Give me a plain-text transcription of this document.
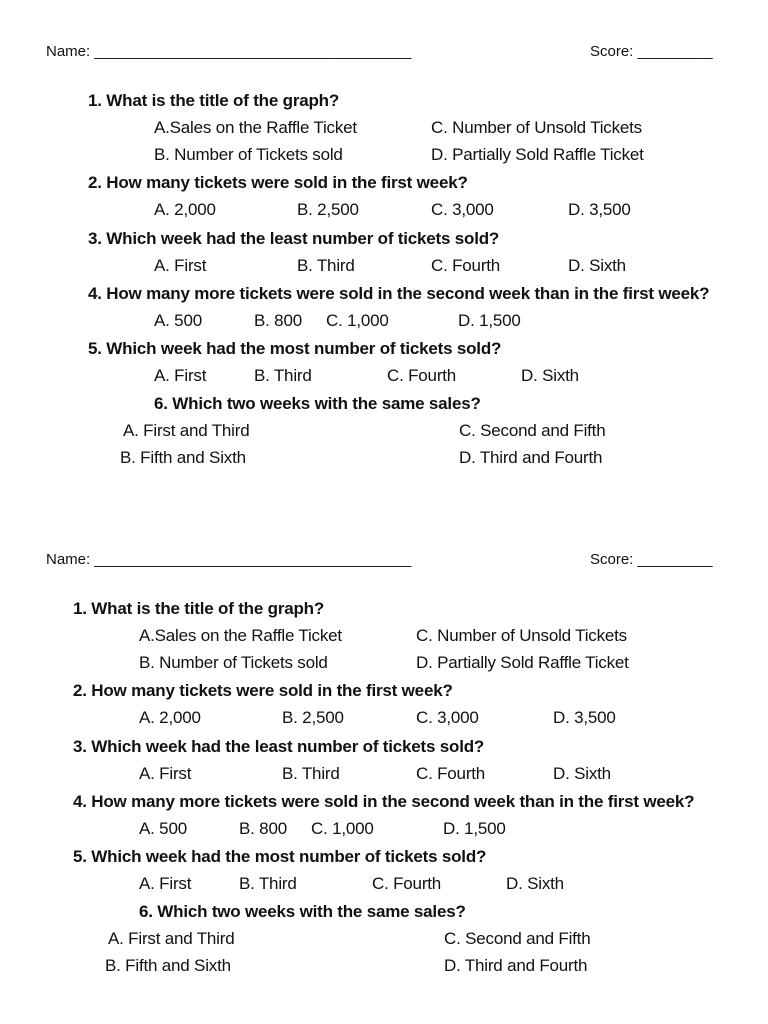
Name: ______________________________________	Score: _________
1. What is the title of the graph?
A.Sales on the Raffle Ticket	C. Number of Unsold Tickets
B. Number of Tickets sold	D. Partially Sold Raffle Ticket
2. How many tickets were sold in the first week?
A. 2,000	B. 2,500	C. 3,000	D. 3,500
3. Which week had the least number of tickets sold?
A. First	B. Third	C. Fourth	D. Sixth
4. How many more tickets were sold in the second week than in the first week?
A. 500	B. 800 C. 1,000	D. 1,500
5. Which week had the most number of tickets sold?
A. First	B. Third	C. Fourth	D. Sixth
6. Which two weeks with the same sales?
A. First and Third	C. Second and Fifth
B. Fifth and Sixth	D. Third and Fourth
Name: ______________________________________	Score: _________
1. What is the title of the graph?
A.Sales on the Raffle Ticket	C. Number of Unsold Tickets
B. Number of Tickets sold	D. Partially Sold Raffle Ticket
2. How many tickets were sold in the first week?
A. 2,000	B. 2,500	C. 3,000	D. 3,500
3. Which week had the least number of tickets sold?
A. First	B. Third	C. Fourth	D. Sixth
4. How many more tickets were sold in the second week than in the first week?
A. 500	B. 800 C. 1,000	D. 1,500
5. Which week had the most number of tickets sold?
A. First	B. Third	C. Fourth	D. Sixth
6. Which two weeks with the same sales?
A. First and Third	C. Second and Fifth
B. Fifth and Sixth	D. Third and Fourth
